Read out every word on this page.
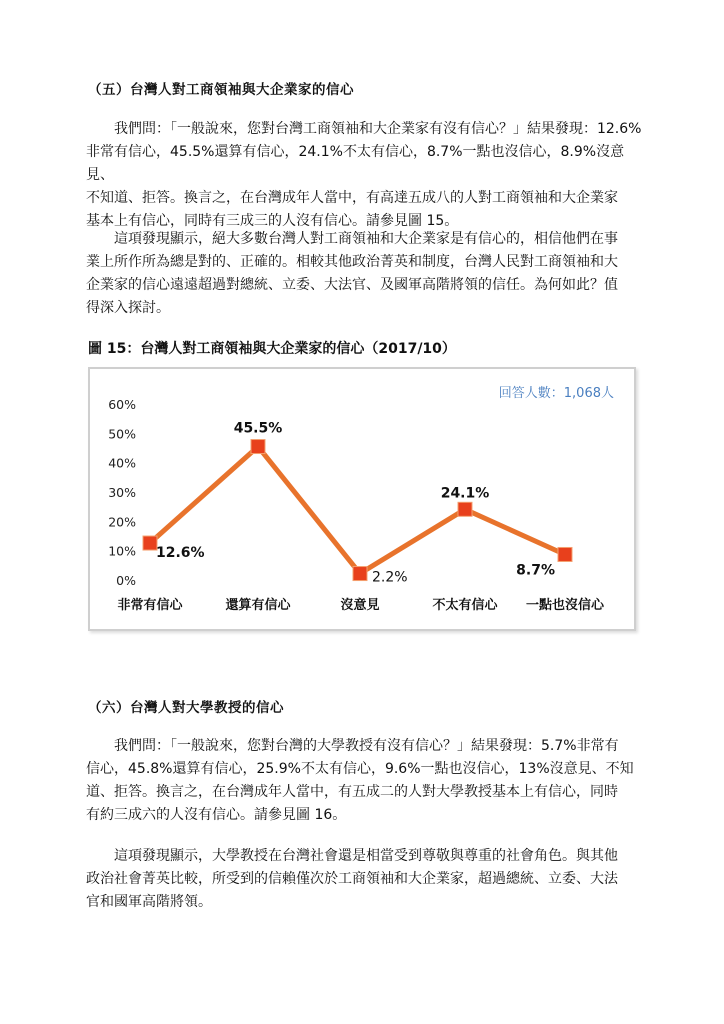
（五）台灣人對工商領袖與大企業家的信心

我們問：「一般說來，您對台灣工商領袖和大企業家有沒有信心？」結果發現：12.6%
非常有信心，45.5%還算有信心，24.1%不太有信心，8.7%一點也沒信心，8.9%沒意見、
不知道、拒答。換言之，在台灣成年人當中，有高達五成八的人對工商領袖和大企業家
基本上有信心，同時有三成三的人沒有信心。請參見圖 15。

這項發現顯示，絕大多數台灣人對工商領袖和大企業家是有信心的，相信他們在事
業上所作所為總是對的、正確的。相較其他政治菁英和制度，台灣人民對工商領袖和大
企業家的信心遠遠超過對總統、立委、大法官、及國軍高階將領的信任。為何如此？值
得深入探討。

圖 15：台灣人對工商領袖與大企業家的信心（2017/10）
回答人數：1,068人
0%
10%
20%
30%
40%
50%
60%
12.6%
45.5%
2.2%
24.1%
8.7%
非常有信心	還算有信心	沒意見	不太有信心 一點也沒信心
（六）台灣人對大學教授的信心

我們問：「一般說來，您對台灣的大學教授有沒有信心？」結果發現：5.7%非常有
信心，45.8%還算有信心，25.9%不太有信心，9.6%一點也沒信心，13%沒意見、不知
道、拒答。換言之，在台灣成年人當中，有五成二的人對大學教授基本上有信心，同時
有約三成六的人沒有信心。請參見圖 16。

這項發現顯示，大學教授在台灣社會還是相當受到尊敬與尊重的社會角色。與其他
政治社會菁英比較，所受到的信賴僅次於工商領袖和大企業家，超過總統、立委、大法
官和國軍高階將領。
